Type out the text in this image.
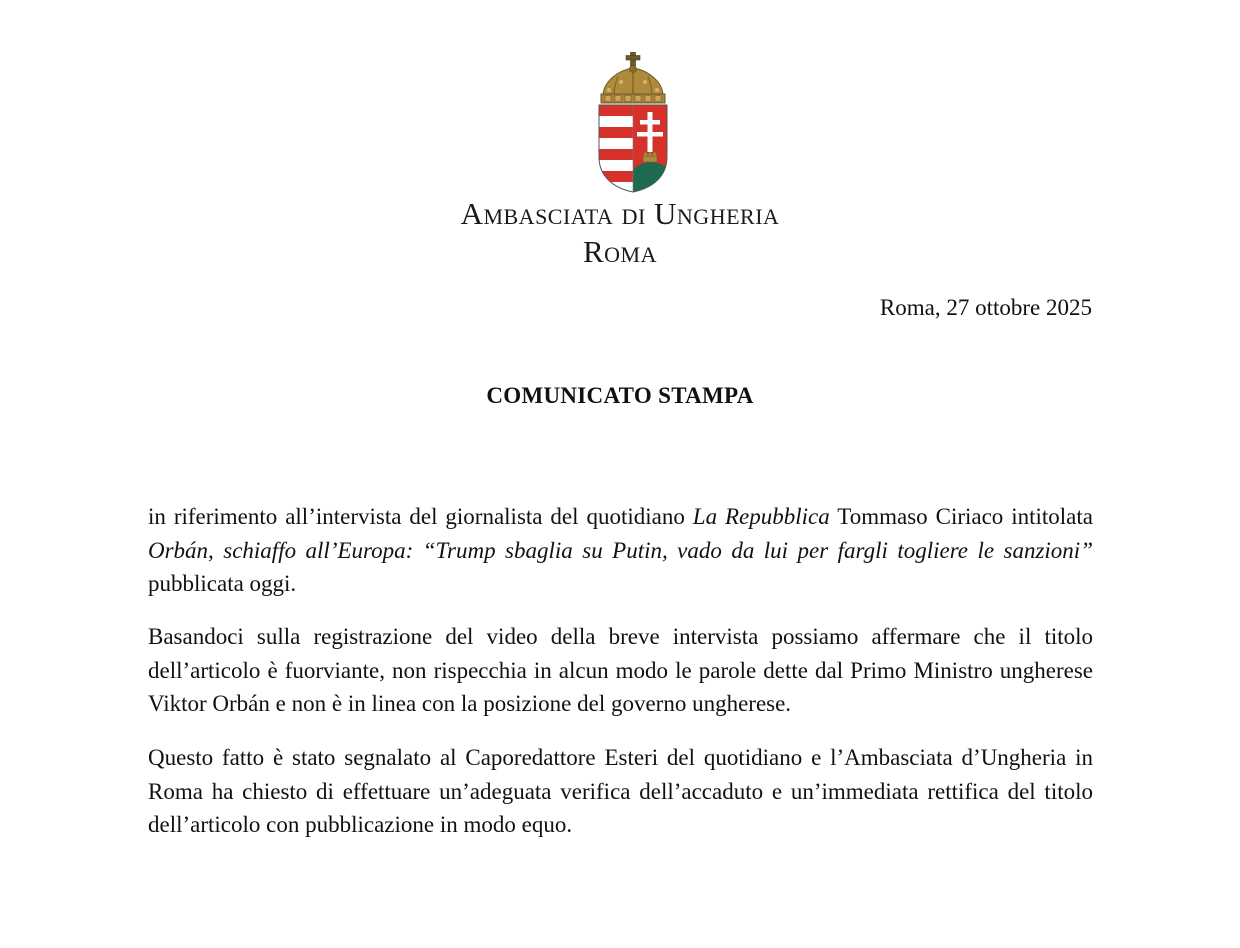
Ambasciata di Ungheria
Roma
Roma, 27 ottobre 2025
COMUNICATO STAMPA

in riferimento all’intervista del giornalista del quotidiano La Repubblica Tommaso Ciriaco intitolata Orbán, schiaffo all’Europa: “Trump sbaglia su Putin, vado da lui per fargli togliere le sanzioni” pubblicata oggi.

Basandoci sulla registrazione del video della breve intervista possiamo affermare che il titolo dell’articolo è fuorviante, non rispecchia in alcun modo le parole dette dal Primo Ministro ungherese Viktor Orbán e non è in linea con la posizione del governo ungherese.

Questo fatto è stato segnalato al Caporedattore Esteri del quotidiano e l’Ambasciata d’Ungheria in Roma ha chiesto di effettuare un’adeguata verifica dell’accaduto e un’immediata rettifica del titolo dell’articolo con pubblicazione in modo equo.
